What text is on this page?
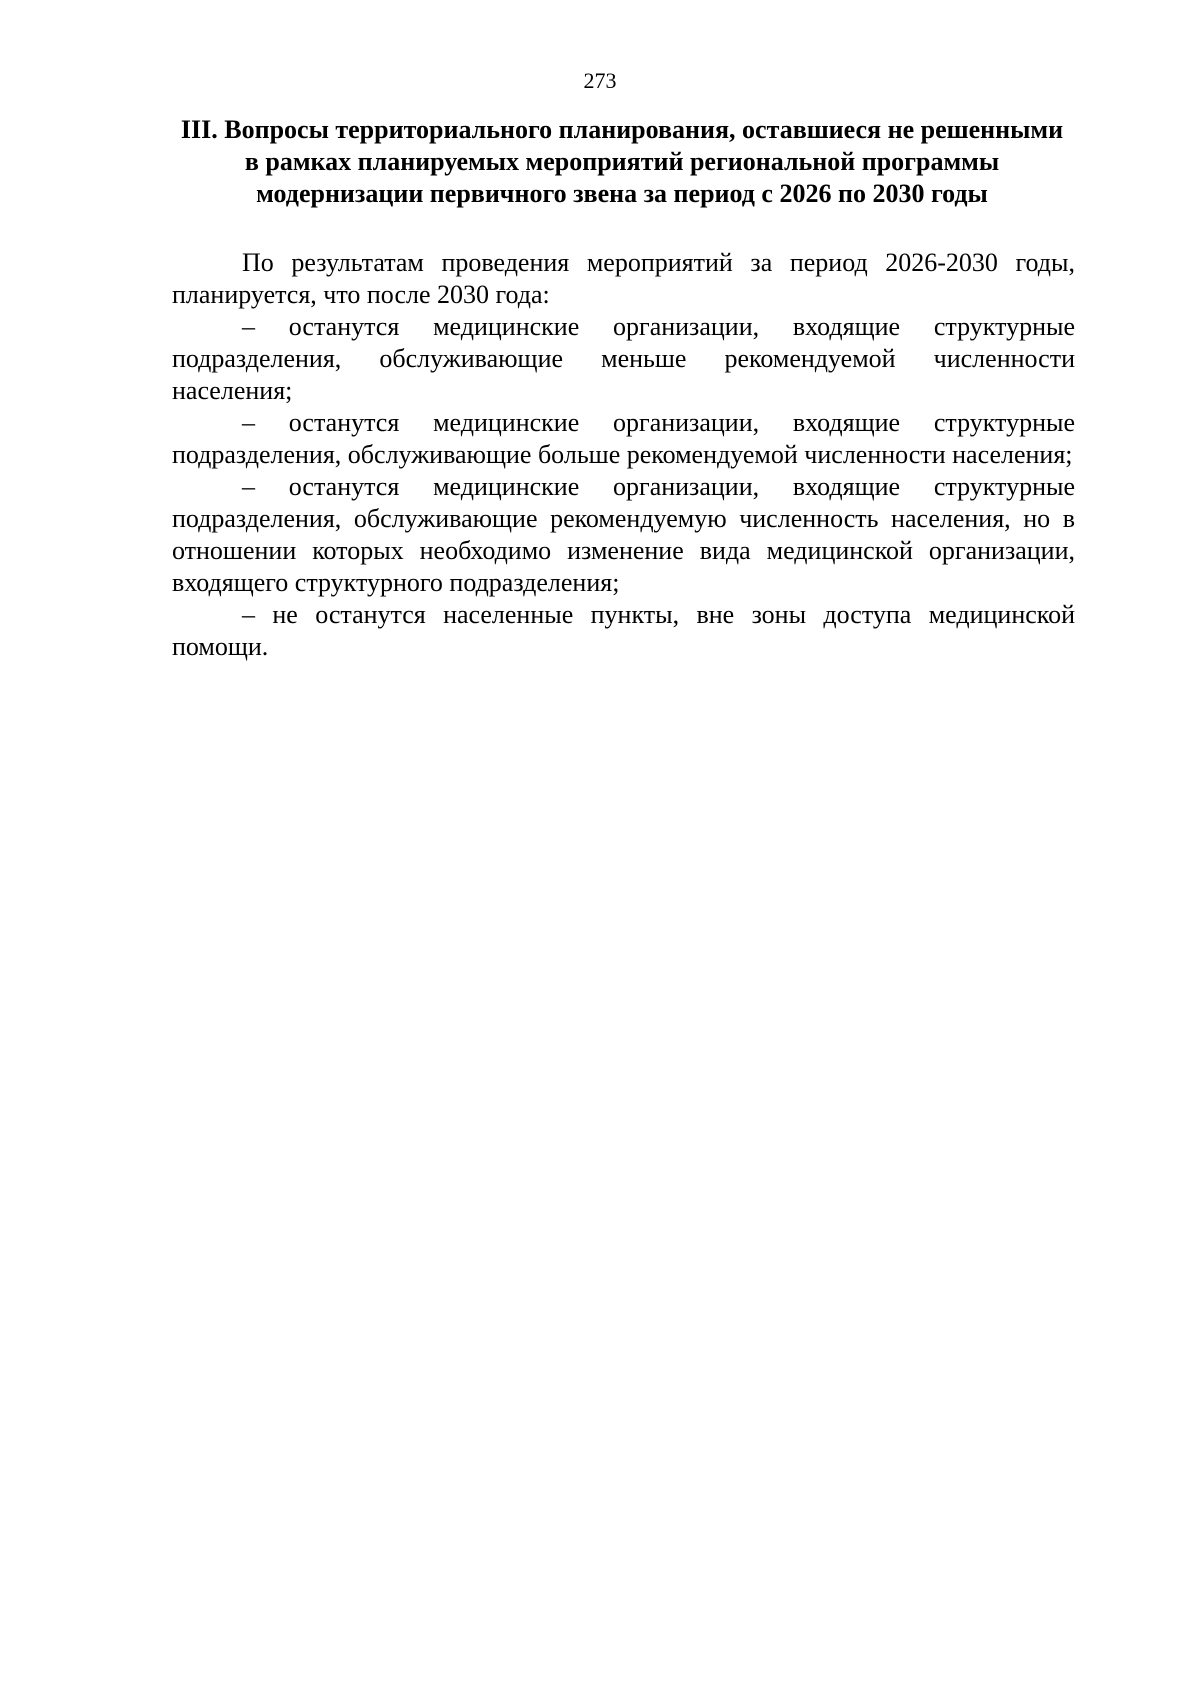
273
III. Вопросы территориального планирования, оставшиеся не решенными
в рамках планируемых мероприятий региональной программы
модернизации первичного звена за период с 2026 по 2030 годы

По результатам проведения мероприятий за период 2026-2030 годы, планируется, что после 2030 года:

– останутся медицинские организации, входящие структурные подразделения, обслуживающие меньше рекомендуемой численности населения;

– останутся медицинские организации, входящие структурные подразделения, обслуживающие больше рекомендуемой численности населения;

– останутся медицинские организации, входящие структурные подразделения, обслуживающие рекомендуемую численность населения, но в отношении которых необходимо изменение вида медицинской организации, входящего структурного подразделения;

– не останутся населенные пункты, вне зоны доступа медицинской помощи.
